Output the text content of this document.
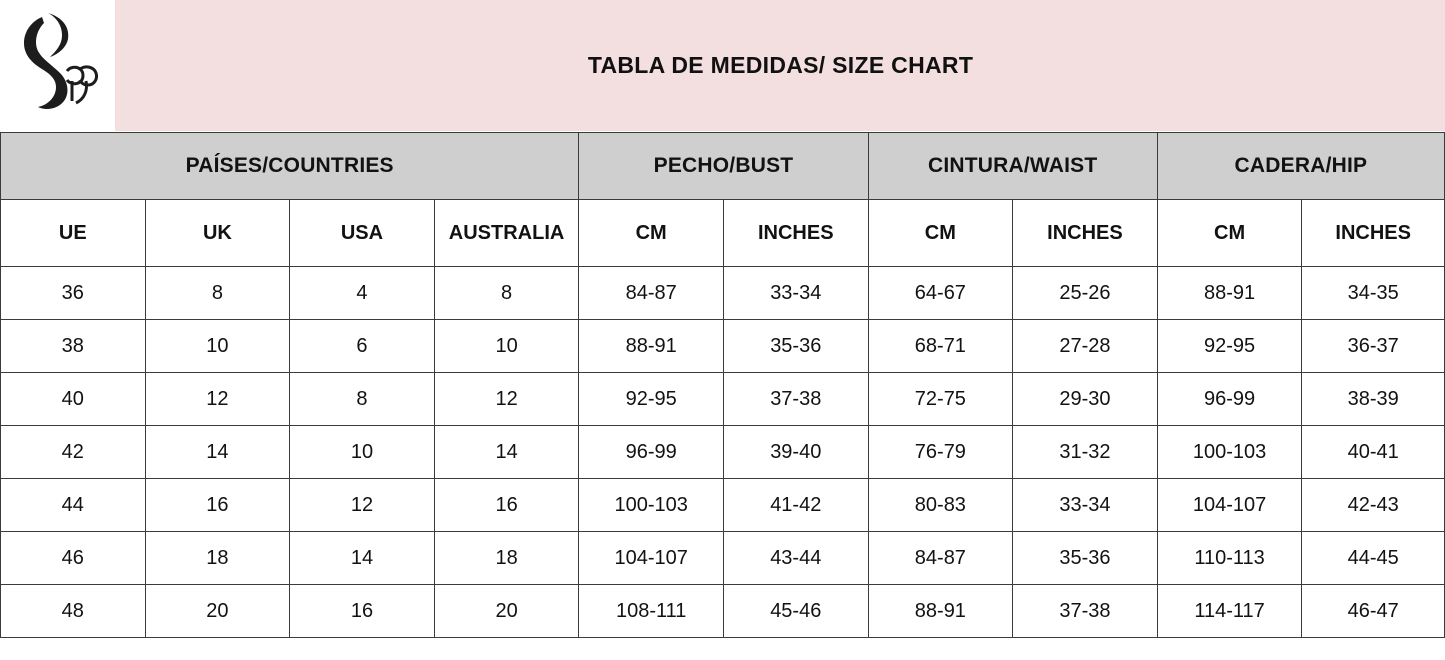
TABLA DE MEDIDAS/ SIZE CHART
PAÍSES/COUNTRIES				PECHO/BUST		CINTURA/WAIST		CADERA/HIP	
UE	UK	USA	AUSTRALIA	CM	INCHES	CM	INCHES	CM	INCHES
36	8	4	8	84-87	33-34	64-67	25-26	88-91	34-35
38	10	6	10	88-91	35-36	68-71	27-28	92-95	36-37
40	12	8	12	92-95	37-38	72-75	29-30	96-99	38-39
42	14	10	14	96-99	39-40	76-79	31-32	100-103	40-41
44	16	12	16	100-103	41-42	80-83	33-34	104-107	42-43
46	18	14	18	104-107	43-44	84-87	35-36	110-113	44-45
48	20	16	20	108-111	45-46	88-91	37-38	114-117	46-47
